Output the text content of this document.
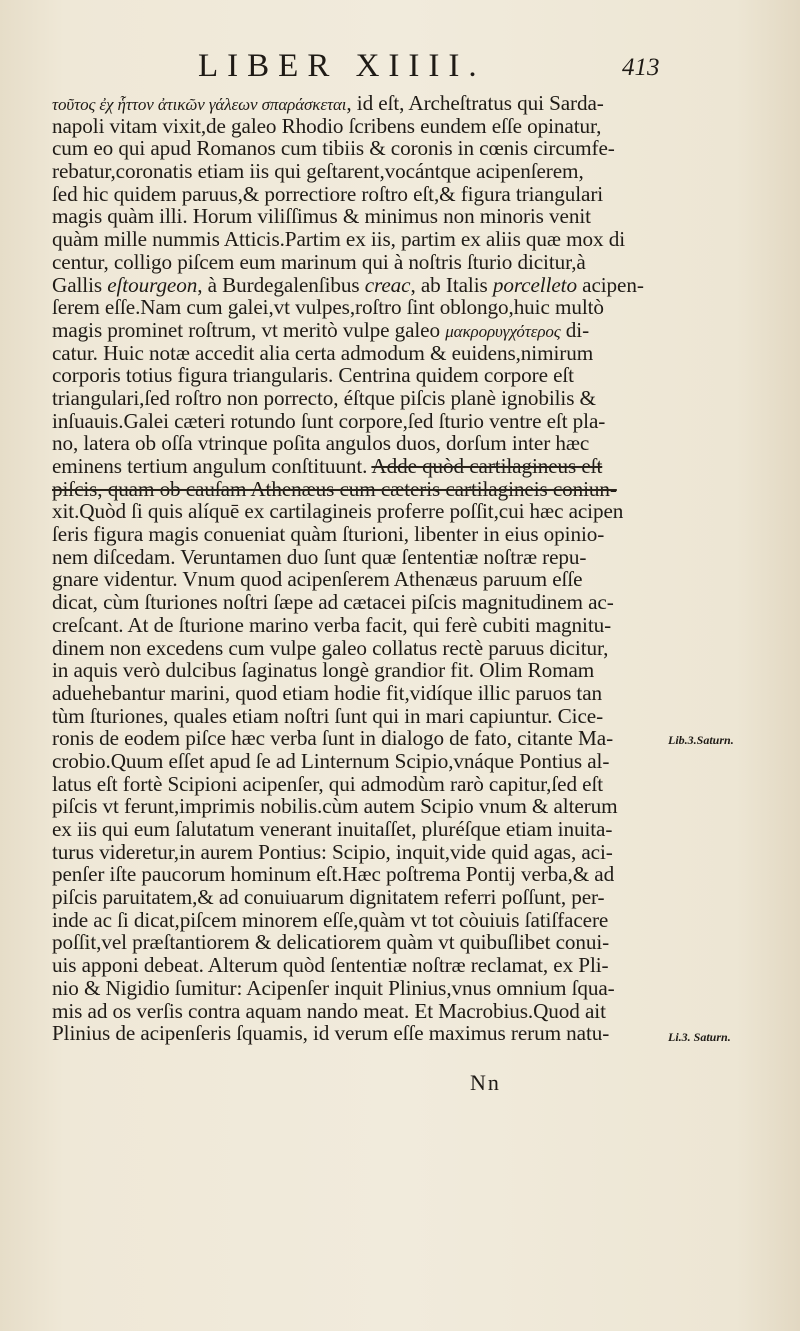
LIBER XIIII.	413
τοῦτος ἐχ ἧττον ἀτικῶν γάλεων σπαράσκεται, id eſt, Archeſtratus qui Sarda-
napoli vitam vixit,de galeo Rhodio ſcribens eundem eſſe opinatur,
cum eo qui apud Romanos cum tibiis & coronis in cœnis circumfe-
rebatur,coronatis etiam iis qui geſtarent,vocántque acipenſerem,
ſed hic quidem paruus,& porrectiore roſtro eſt,& figura triangulari
magis quàm illi. Horum viliſſimus & minimus non minoris venit
quàm mille nummis Atticis.Partim ex iis, partim ex aliis quæ mox di
centur, colligo piſcem eum marinum qui à noſtris ſturio dicitur,à
Gallis eſtourgeon, à Burdegalenſibus creac, ab Italis porcelleto acipen-
ſerem eſſe.Nam cum galei,vt vulpes,roſtro ſint oblongo,huic multò
magis prominet roſtrum, vt meritò vulpe galeo μακρορυγχότερος di-
catur. Huic notæ accedit alia certa admodum & euidens,nimirum
corporis totius figura triangularis. Centrina quidem corpore eſt
triangulari,ſed roſtro non porrecto, éſtque piſcis planè ignobilis &
inſuauis.Galei cæteri rotundo ſunt corpore,ſed ſturio ventre eſt pla-
no, latera ob oſſa vtrinque poſita angulos duos, dorſum inter hæc
eminens tertium angulum conſtituunt. Adde quòd cartilagineus eſt
piſcis, quam ob cauſam Athenæus cum cæteris cartilagineis coniun-
xit.Quòd ſi quis alíquē ex cartilagineis proferre poſſit,cui hæc acipen
ſeris figura magis conueniat quàm ſturioni, libenter in eius opinio-
nem diſcedam. Veruntamen duo ſunt quæ ſententiæ noſtræ repu-
gnare videntur. Vnum quod acipenſerem Athenæus paruum eſſe
dicat, cùm ſturiones noſtri ſæpe ad cætacei piſcis magnitudinem ac-
creſcant. At de ſturione marino verba facit, qui ferè cubiti magnitu-
dinem non excedens cum vulpe galeo collatus rectè paruus dicitur,
in aquis verò dulcibus ſaginatus longè grandior fit. Olim Romam
aduehebantur marini, quod etiam hodie fit,vidíque illic paruos tan
tùm ſturiones, quales etiam noſtri ſunt qui in mari capiuntur. Cice-
ronis de eodem piſce hæc verba ſunt in dialogo de fato, citante Ma-
crobio.Quum eſſet apud ſe ad Linternum Scipio,vnáque Pontius al-
latus eſt fortè Scipioni acipenſer, qui admodùm rarò capitur,ſed eſt
piſcis vt ferunt,imprimis nobilis.cùm autem Scipio vnum & alterum
ex iis qui eum ſalutatum venerant inuitaſſet, pluréſque etiam inuita-
turus videretur,in aurem Pontius: Scipio, inquit,vide quid agas, aci-
penſer iſte paucorum hominum eſt.Hæc poſtrema Pontij verba,& ad
piſcis paruitatem,& ad conuiuarum dignitatem referri poſſunt, per-
inde ac ſi dicat,piſcem minorem eſſe,quàm vt tot còuiuis ſatiſfacere
poſſit,vel præſtantiorem & delicatiorem quàm vt quibuſlibet conui-
uis apponi debeat. Alterum quòd ſententiæ noſtræ reclamat, ex Pli-
nio & Nigidio ſumitur: Acipenſer inquit Plinius,vnus omnium ſqua-
mis ad os verſis contra aquam nando meat. Et Macrobius.Quod ait
Plinius de acipenſeris ſquamis, id verum eſſe maximus rerum natu-
Lib.3.Saturn.
Li.3. Saturn.
Nn
